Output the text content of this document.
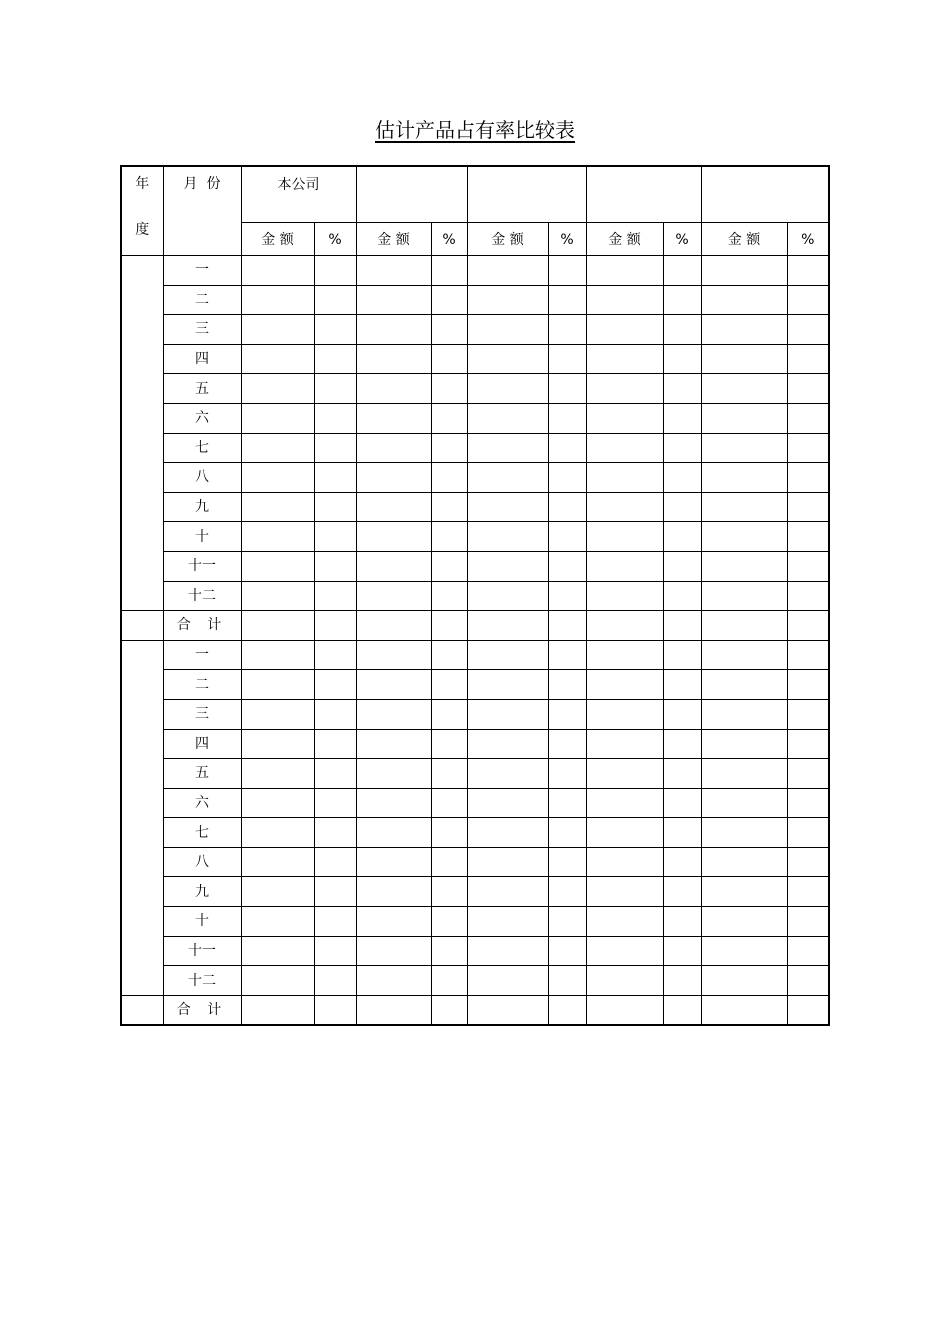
估计产品占有率比较表
年
度	月  份	本公司									
		金 额	%	金 额	%	金 额	%	金 额	%	金 额	%
	一										
	二										
	三										
	四										
	五										
	六										
	七										
	八										
	九										
	十										
	十一										
	十二										
	合 计										
	一										
	二										
	三										
	四										
	五										
	六										
	七										
	八										
	九										
	十										
	十一										
	十二										
	合 计										
